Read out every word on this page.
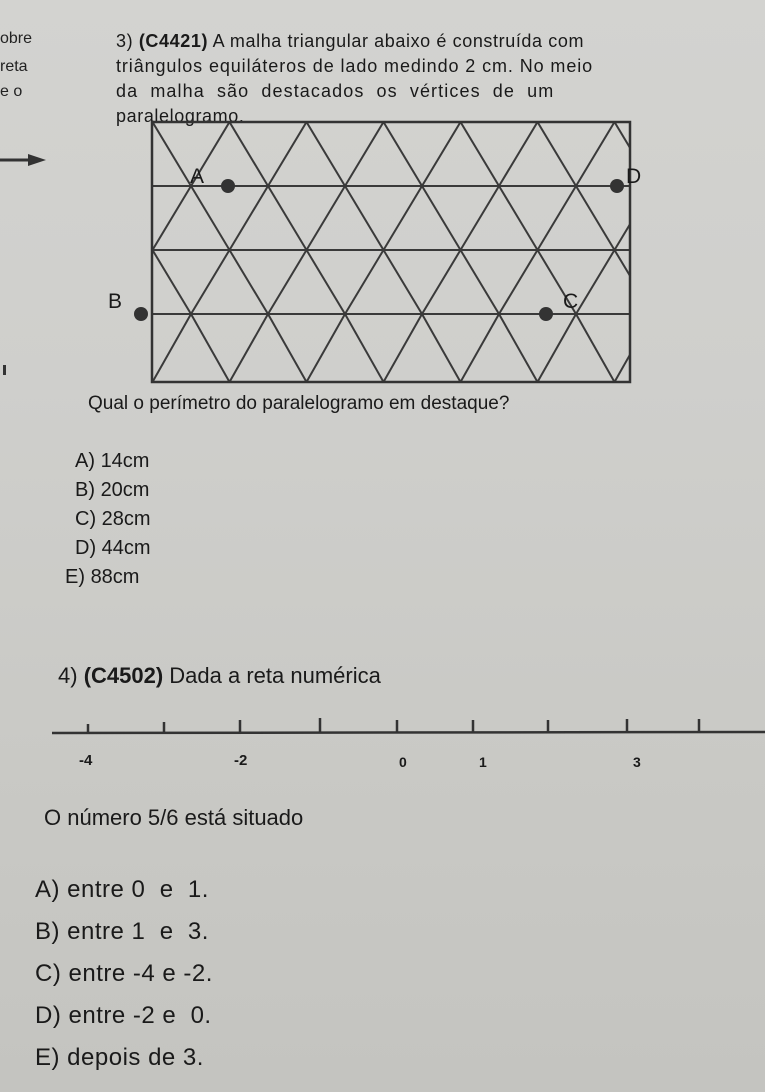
obre
reta
e o
3) (C4421) A malha triangular abaixo é construída com
triângulos equiláteros de lado medindo 2 cm. No meio
da malha são destacados os vértices de um
paralelogramo.
A	D
B	C
Qual o perímetro do paralelogramo em destaque?
A) 14cm
B) 20cm
C) 28cm
D) 44cm
E) 88cm
4) (C4502) Dada a reta numérica
-4	-2	0	1	3
O número 5/6 está situado
A) entre 0  e  1.
B) entre 1  e  3.
C) entre -4 e -2.
D) entre -2 e  0.
E) depois de 3.
